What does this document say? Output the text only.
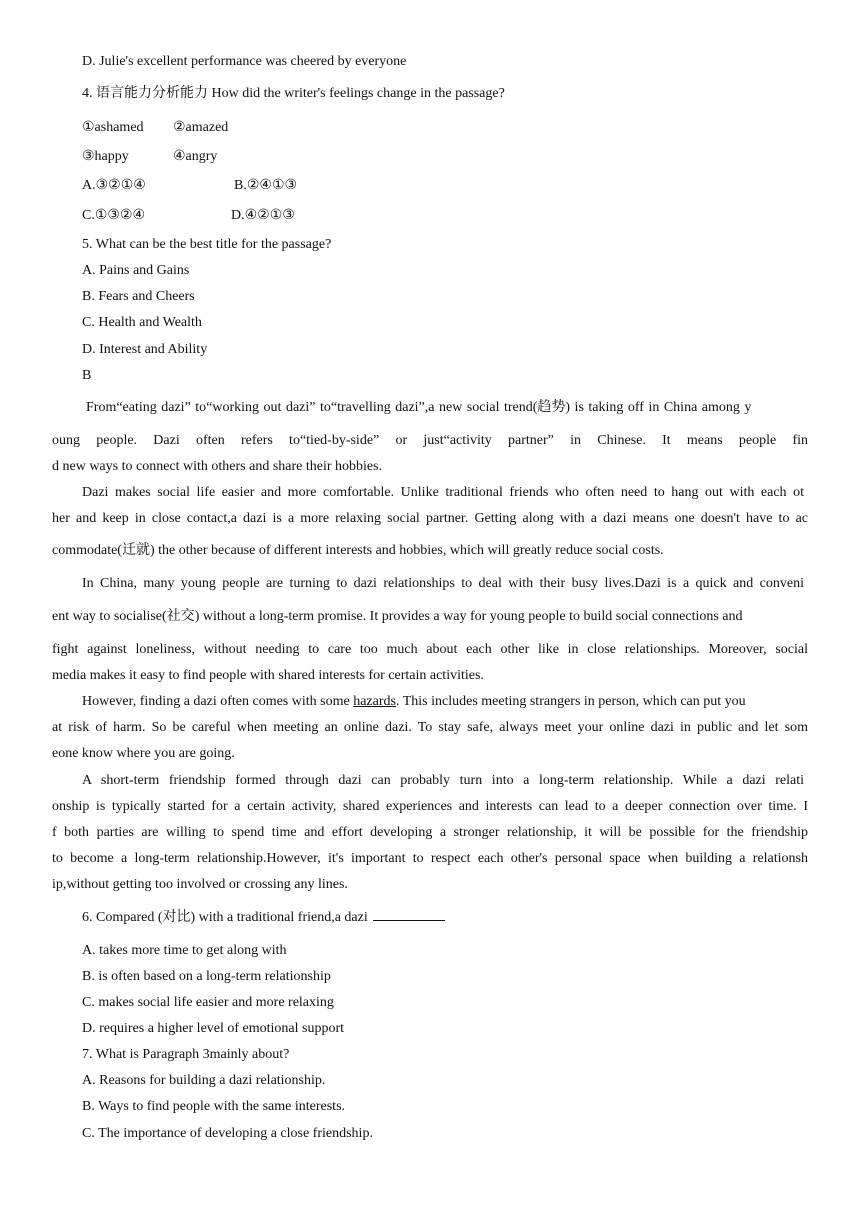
D. Julie's excellent performance was cheered by everyone
4. 语言能力分析能力 How did the writer's feelings change in the passage?
①ashamed ②amazed
③happy	④angry
A.③②①④	B.②④①③
C.①③②④	D.④②①③
5. What can be the best title for the passage?
A. Pains and Gains
B. Fears and Cheers
C. Health and Wealth
D. Interest and Ability
B
From“eating dazi” to“working out dazi” to“travelling dazi”,a new social trend(趋势) is taking off in China among y
oung people. Dazi often refers to“tied-by-side” or just“activity partner” in Chinese. It means people fin
d new ways to connect with others and share their hobbies.
Dazi makes social life easier and more comfortable. Unlike traditional friends who often need to hang out with each ot
her and keep in close contact,a dazi is a more relaxing social partner. Getting along with a dazi means one doesn't have to ac
commodate(迁就) the other because of different interests and hobbies, which will greatly reduce social costs.
In China, many young people are turning to dazi relationships to deal with their busy lives.Dazi is a quick and conveni
ent way to socialise(社交) without a long-term promise. It provides a way for young people to build social connections and
fight against loneliness, without needing to care too much about each other like in close relationships. Moreover, social
media makes it easy to find people with shared interests for certain activities.
However, finding a dazi often comes with some hazards. This includes meeting strangers in person, which can put you
at risk of harm. So be careful when meeting an online dazi. To stay safe, always meet your online dazi in public and let som
eone know where you are going.
A short-term friendship formed through dazi can probably turn into a long-term relationship. While a dazi relati
onship is typically started for a certain activity, shared experiences and interests can lead to a deeper connection over time. I
f both parties are willing to spend time and effort developing a stronger relationship, it will be possible for the friendship
to become a long-term relationship.However, it's important to respect each other's personal space when building a relationsh
ip,without getting too involved or crossing any lines.
6. Compared (对比) with a traditional friend,a dazi
A. takes more time to get along with
B. is often based on a long-term relationship
C. makes social life easier and more relaxing
D. requires a higher level of emotional support
7. What is Paragraph 3mainly about?
A. Reasons for building a dazi relationship.
B. Ways to find people with the same interests.
C. The importance of developing a close friendship.
